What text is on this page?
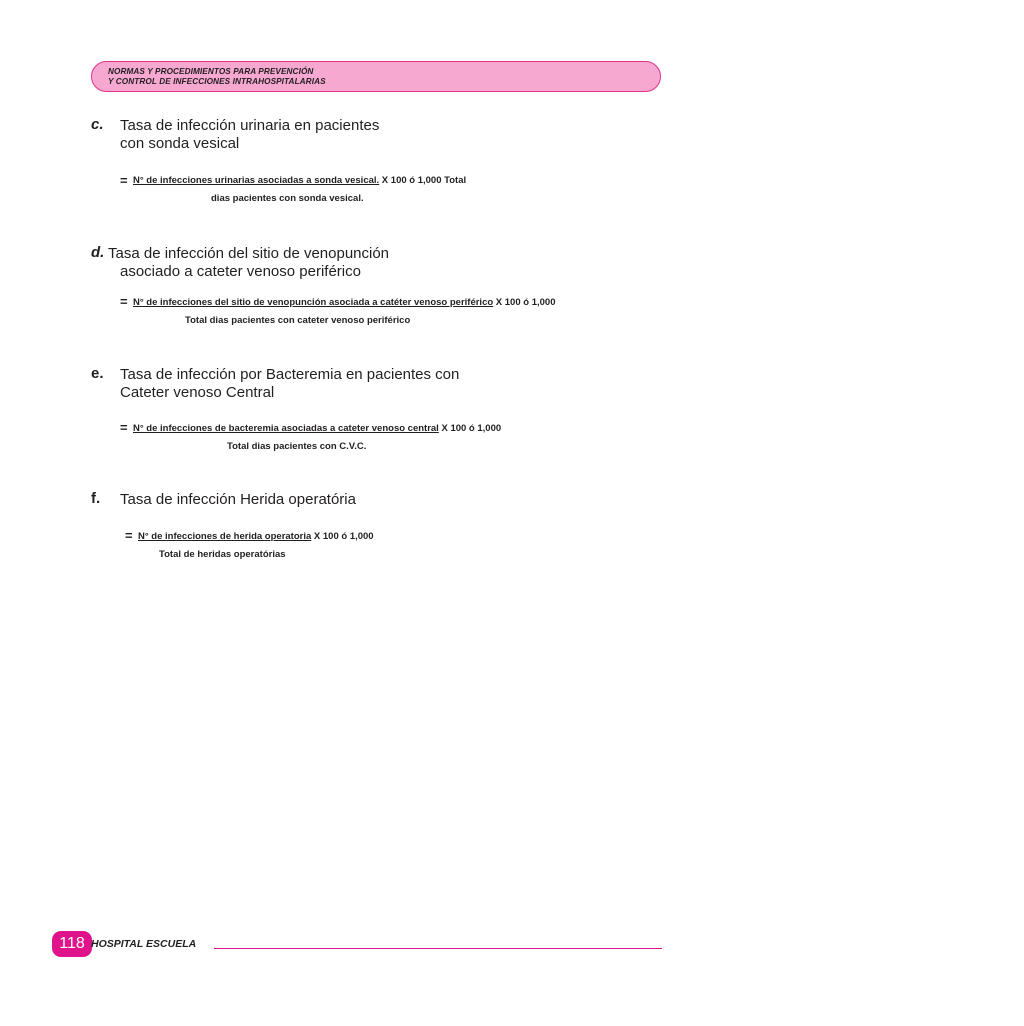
NORMAS Y PROCEDIMIENTOS PARA PREVENCIÓN
Y CONTROL DE INFECCIONES INTRAHOSPITALARIAS
c. Tasa de infección urinaria en pacientes
con sonda vesical
= N° de infecciones urinarias asociadas a sonda vesical. X 100 ó 1,000 Total
dias pacientes con sonda vesical.
d. Tasa de infección del sitio de venopunción
asociado a cateter venoso periférico
= N° de infecciones del sitio de venopunción asociada a catéter venoso periférico X 100 ó 1,000
Total dias pacientes con cateter venoso periférico
e. Tasa de infección por Bacteremia en pacientes con
Cateter venoso Central
= N° de infecciones de bacteremia asociadas a cateter venoso central X 100 ó 1,000
Total dias pacientes con C.V.C.
f. Tasa de infección Herida operatória
= N° de infecciones de herida operatoria X 100 ó 1,000
Total de heridas operatórias
118 HOSPITAL ESCUELA
